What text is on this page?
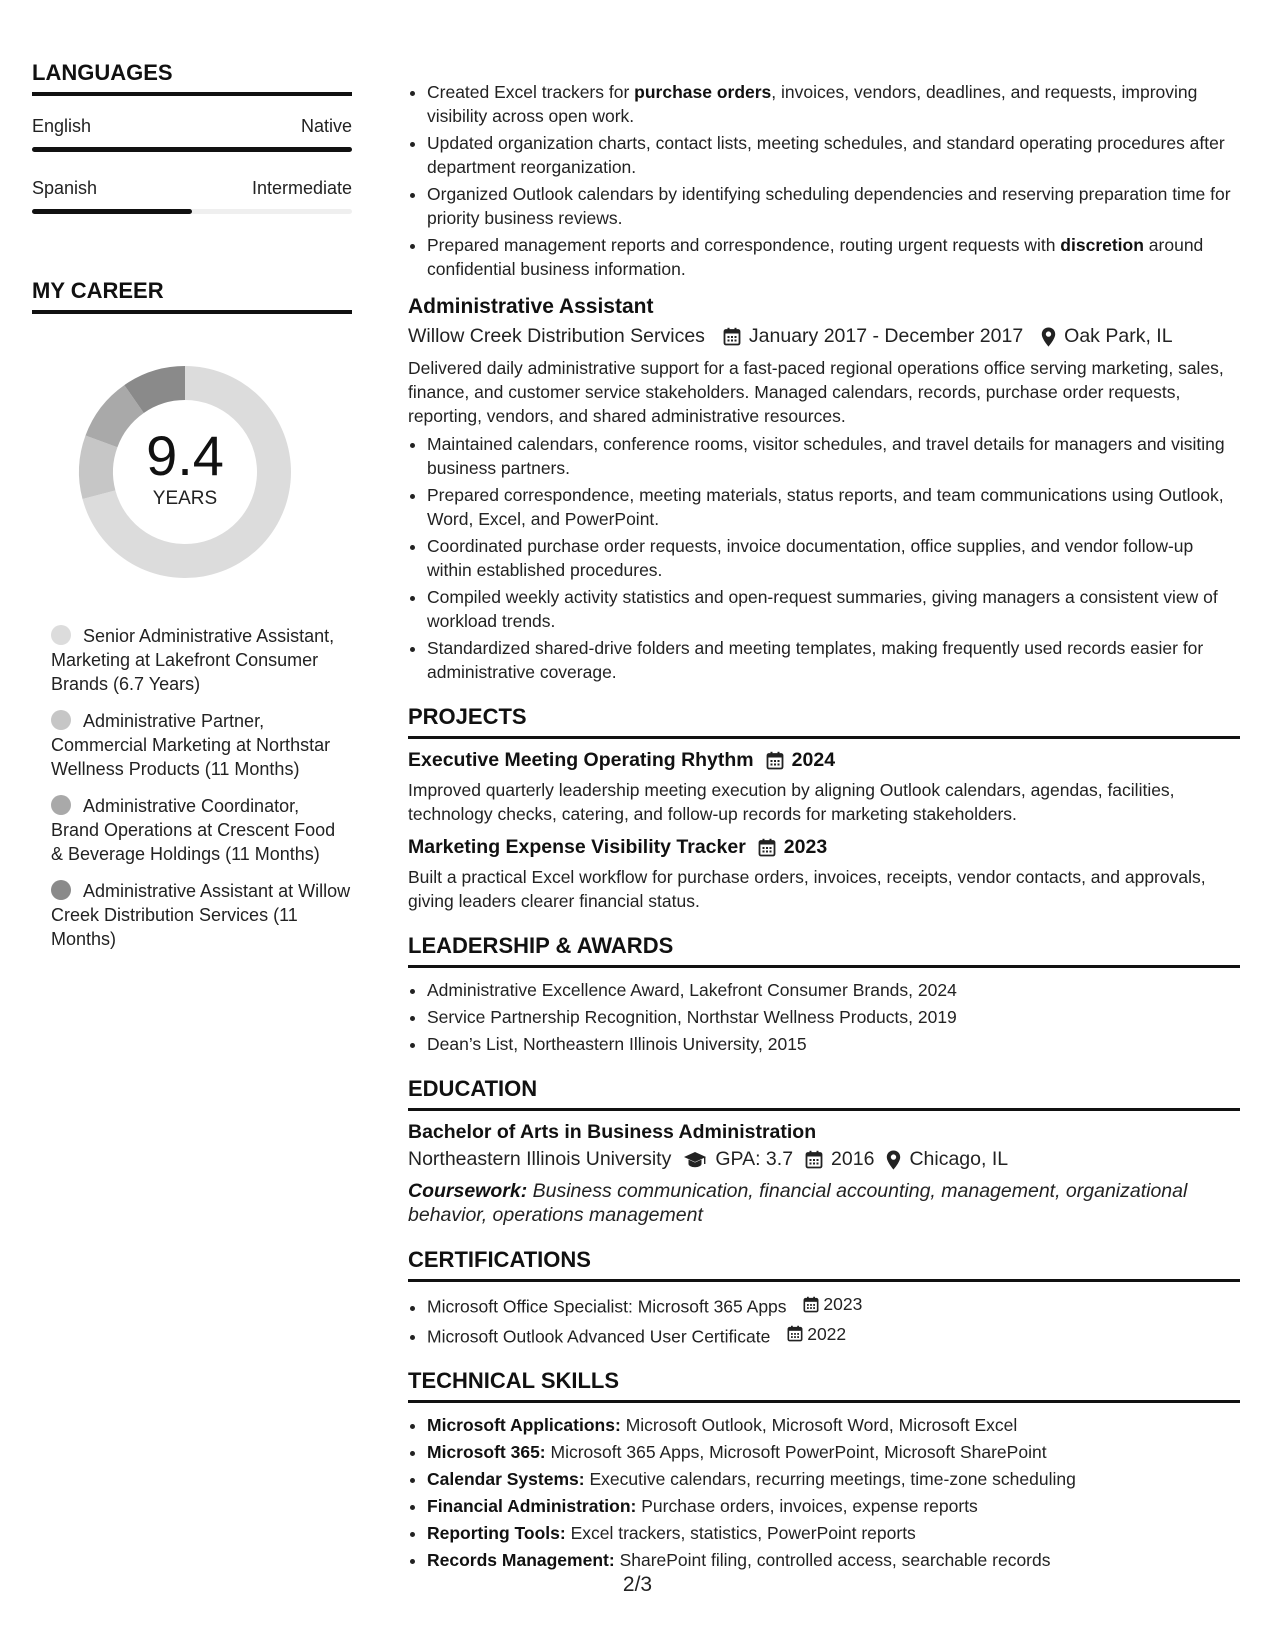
LANGUAGES
English	Native
Spanish	Intermediate
MY CAREER
9.4
YEARS
Senior Administrative Assistant, Marketing at Lakefront Consumer Brands (6.7 Years)
Administrative Partner, Commercial Marketing at Northstar Wellness Products (11 Months)
Administrative Coordinator, Brand Operations at Crescent Food & Beverage Holdings (11 Months)
Administrative Assistant at Willow Creek Distribution Services (11 Months)
• Created Excel trackers for purchase orders, invoices, vendors, deadlines, and requests, improving visibility across open work.
• Updated organization charts, contact lists, meeting schedules, and standard operating procedures after department reorganization.
• Organized Outlook calendars by identifying scheduling dependencies and reserving preparation time for priority business reviews.
• Prepared management reports and correspondence, routing urgent requests with discretion around confidential business information.
Administrative Assistant
Willow Creek Distribution Services January 2017 - December 2017 Oak Park, IL
Delivered daily administrative support for a fast-paced regional operations office serving marketing, sales, finance, and customer service stakeholders. Managed calendars, records, purchase order requests, reporting, vendors, and shared administrative resources.
• Maintained calendars, conference rooms, visitor schedules, and travel details for managers and visiting business partners.
• Prepared correspondence, meeting materials, status reports, and team communications using Outlook, Word, Excel, and PowerPoint.
• Coordinated purchase order requests, invoice documentation, office supplies, and vendor follow-up within established procedures.
• Compiled weekly activity statistics and open-request summaries, giving managers a consistent view of workload trends.
• Standardized shared-drive folders and meeting templates, making frequently used records easier for administrative coverage.
PROJECTS
Executive Meeting Operating Rhythm 2024
Improved quarterly leadership meeting execution by aligning Outlook calendars, agendas, facilities, technology checks, catering, and follow-up records for marketing stakeholders.
Marketing Expense Visibility Tracker 2023
Built a practical Excel workflow for purchase orders, invoices, receipts, vendor contacts, and approvals, giving leaders clearer financial status.
LEADERSHIP & AWARDS
• Administrative Excellence Award, Lakefront Consumer Brands, 2024
• Service Partnership Recognition, Northstar Wellness Products, 2019
• Dean’s List, Northeastern Illinois University, 2015
EDUCATION
Bachelor of Arts in Business Administration
Northeastern Illinois University GPA: 3.7 2016 Chicago, IL
Coursework: Business communication, financial accounting, management, organizational behavior, operations management
CERTIFICATIONS
• Microsoft Office Specialist: Microsoft 365 Apps 2023
• Microsoft Outlook Advanced User Certificate 2022
TECHNICAL SKILLS
• Microsoft Applications: Microsoft Outlook, Microsoft Word, Microsoft Excel
• Microsoft 365: Microsoft 365 Apps, Microsoft PowerPoint, Microsoft SharePoint
• Calendar Systems: Executive calendars, recurring meetings, time-zone scheduling
• Financial Administration: Purchase orders, invoices, expense reports
• Reporting Tools: Excel trackers, statistics, PowerPoint reports
• Records Management: SharePoint filing, controlled access, searchable records
2/3
